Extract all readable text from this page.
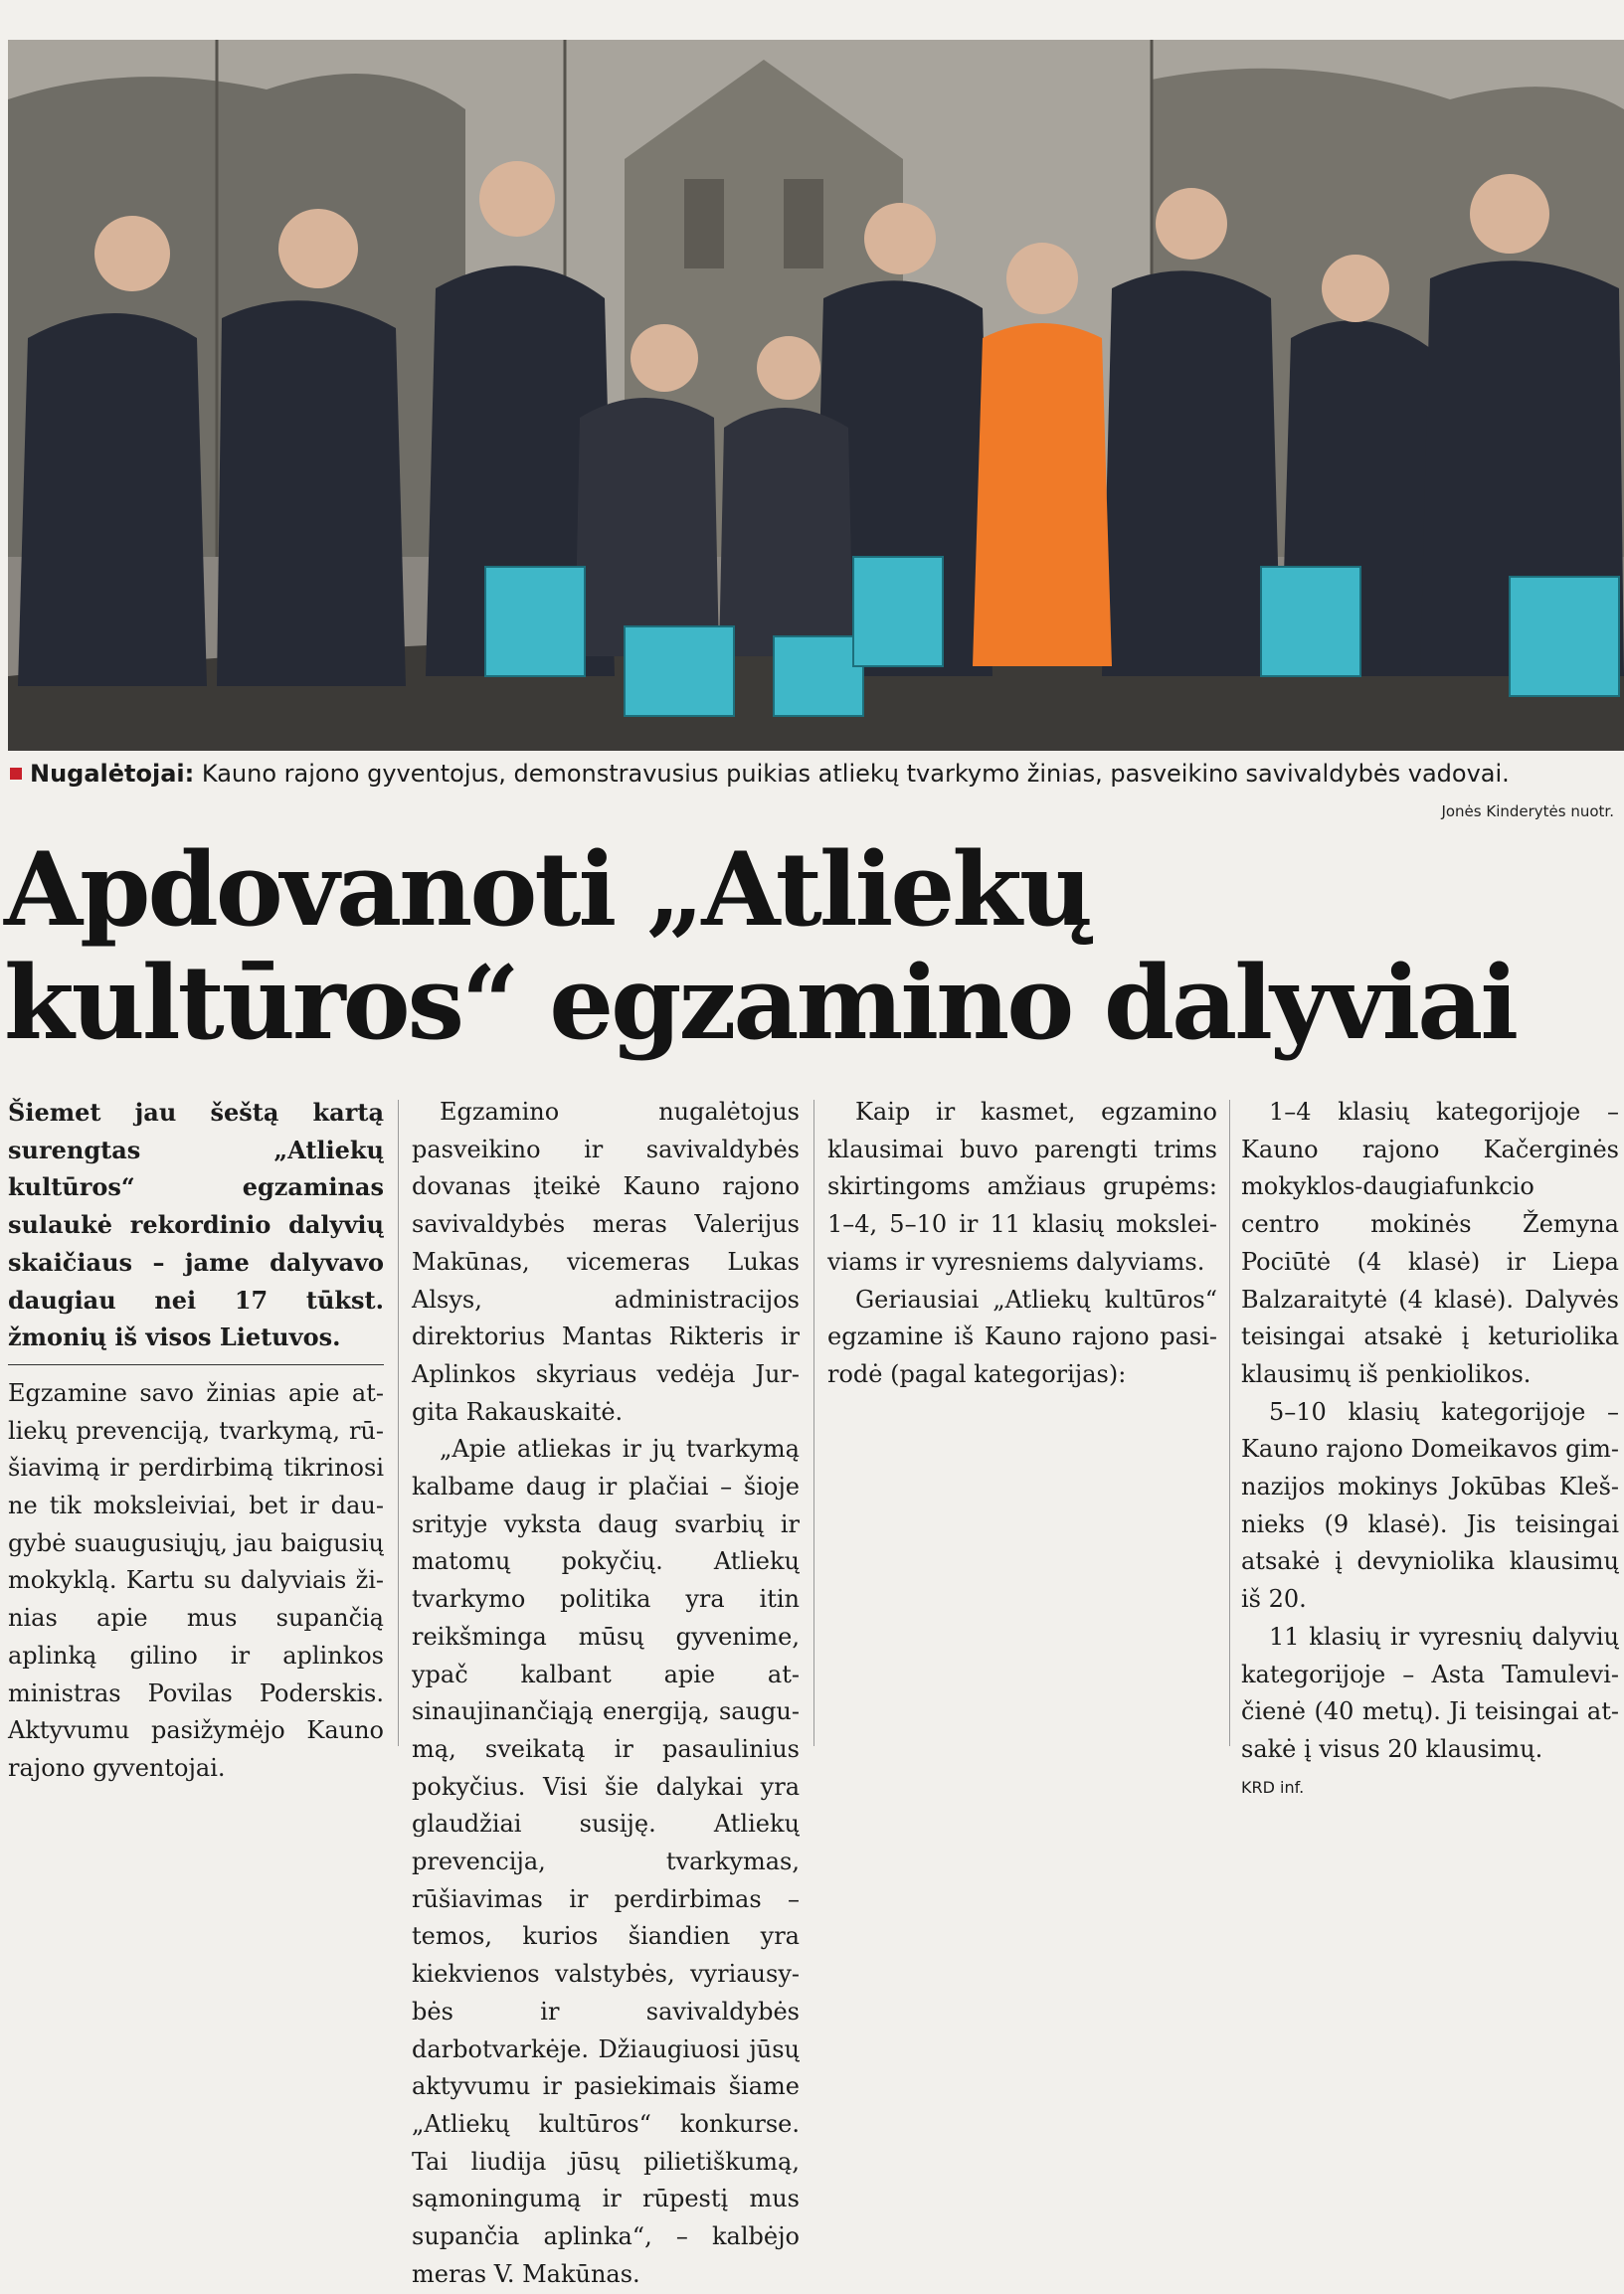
Nugalėtojai: Kauno rajono gyventojus, demonstravusius puikias atliekų tvarkymo žinias, pasveikino savivaldybės vadovai.
Jonės Kinderytės nuotr.
Apdovanoti „Atliekų
kultūros“ egzamino dalyviai

Šiemet jau šeštą kartą surengtas „Atliekų kultūros“ egzaminas sulaukė rekordinio dalyvių skaičiaus – jame dalyvavo daugiau nei 17 tūkst. žmonių iš visos Lietuvos.

Egzamine savo žinias apie atliekų prevenciją, tvarkymą, rūšiavimą ir perdirbimą tikrinosi ne tik moksleiviai, bet ir daugybė suaugusiųjų, jau baigusių mokyklą. Kartu su dalyviais žinias apie mus supančią aplinką gilino ir aplinkos ministras Povilas Poderskis. Aktyvumu pasižymėjo Kauno rajono gyventojai.

Egzamino nugalėtojus pasveikino ir savivaldybės dovanas įteikė Kauno rajono savivaldybės meras Valerijus Makūnas, vicemeras Lukas Alsys, administracijos direktorius Mantas Rikteris ir Aplinkos skyriaus vedėja Jurgita Rakauskaitė.

„Apie atliekas ir jų tvarkymą kalbame daug ir plačiai – šioje srityje vyksta daug svarbių ir matomų pokyčių. Atliekų tvarkymo politika yra itin reikšminga mūsų gyvenime, ypač kalbant apie atsinaujinančiąją energiją, saugumą, sveikatą ir pasaulinius pokyčius. Visi šie dalykai yra glaudžiai susiję. Atliekų prevencija, tvarkymas, rūšiavimas ir perdirbimas – temos, kurios šiandien yra kiekvienos valstybės, vyriausybės ir savivaldybės darbotvarkėje. Džiaugiuosi jūsų aktyvumu ir pasiekimais šiame „Atliekų kultūros“ konkurse. Tai liudija jūsų pilietiškumą, sąmoningumą ir rūpestį mus supančia aplinka“, – kalbėjo meras V. Makūnas.

Kaip ir kasmet, egzamino klausimai buvo parengti trims skirtingoms amžiaus grupėms: 1–4, 5–10 ir 11 klasių moksleiviams ir vyresniems dalyviams.

Geriausiai „Atliekų kultūros“ egzamine iš Kauno rajono pasirodė (pagal kategorijas):

1–4 klasių kategorijoje – Kauno rajono Kačerginės mokyklos-daugiafunkcio centro mokinės Žemyna Pociūtė (4 klasė) ir Liepa Balzaraitytė (4 klasė). Dalyvės teisingai atsakė į keturiolika klausimų iš penkiolikos.

5–10 klasių kategorijoje – Kauno rajono Domeikavos gimnazijos mokinys Jokūbas Klešnieks (9 klasė). Jis teisingai atsakė į devyniolika klausimų iš 20.

11 klasių ir vyresnių dalyvių kategorijoje – Asta Tamulevičienė (40 metų). Ji teisingai atsakė į visus 20 klausimų.

KRD inf.
